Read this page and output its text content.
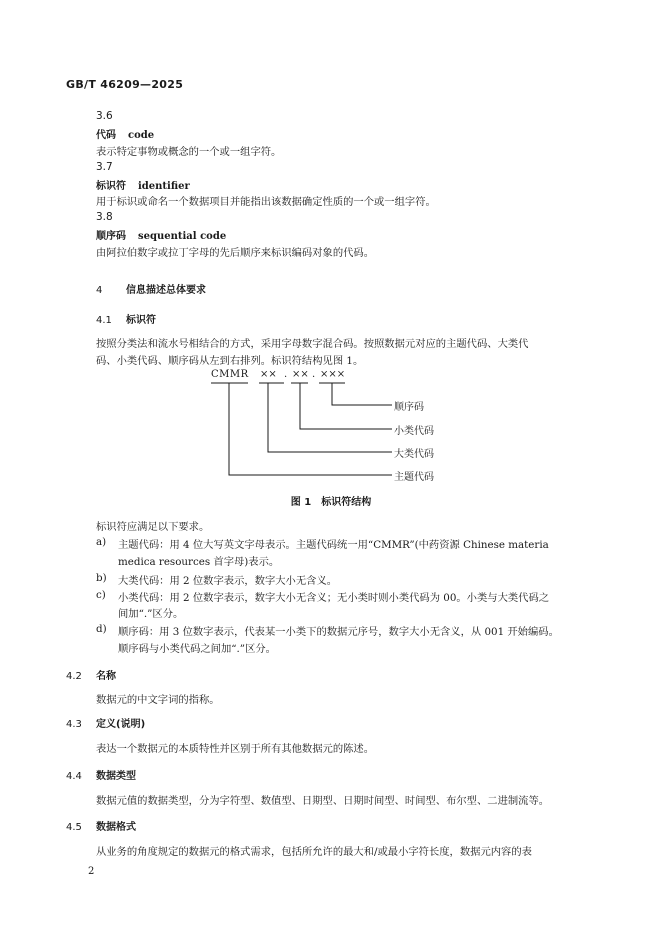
GB/T 46209—2025
3.6
代码 code
表示特定事物或概念的一个或一组字符。
3.7
标识符 identifier
用于标识或命名一个数据项目并能指出该数据确定性质的一个或一组字符。
3.8
顺序码 sequential code
由阿拉伯数字或拉丁字母的先后顺序来标识编码对象的代码。
4 信息描述总体要求
4.1 标识符
按照分类法和流水号相结合的方式，采用字母数字混合码。按照数据元对应的主题代码、大类代
码、小类代码、顺序码从左到右排列。标识符结构见图 1。
CMMR ×× . ×× . ×××
顺序码
小类代码
大类代码
主题代码
图 1　标识符结构
标识符应满足以下要求。
a) 主题代码：用 4 位大写英文字母表示。主题代码统一用“CMMR”(中药资源 Chinese materia
medica resources 首字母)表示。
b) 大类代码：用 2 位数字表示，数字大小无含义。
c) 小类代码：用 2 位数字表示，数字大小无含义；无小类时则小类代码为 00。小类与大类代码之
间加“.”区分。
d) 顺序码：用 3 位数字表示，代表某一小类下的数据元序号，数字大小无含义，从 001 开始编码。
顺序码与小类代码之间加“.”区分。
4.2 名称
数据元的中文字词的指称。
4.3 定义(说明)
表达一个数据元的本质特性并区别于所有其他数据元的陈述。
4.4 数据类型
数据元值的数据类型，分为字符型、数值型、日期型、日期时间型、时间型、布尔型、二进制流等。
4.5 数据格式
从业务的角度规定的数据元的格式需求，包括所允许的最大和/或最小字符长度，数据元内容的表
2
